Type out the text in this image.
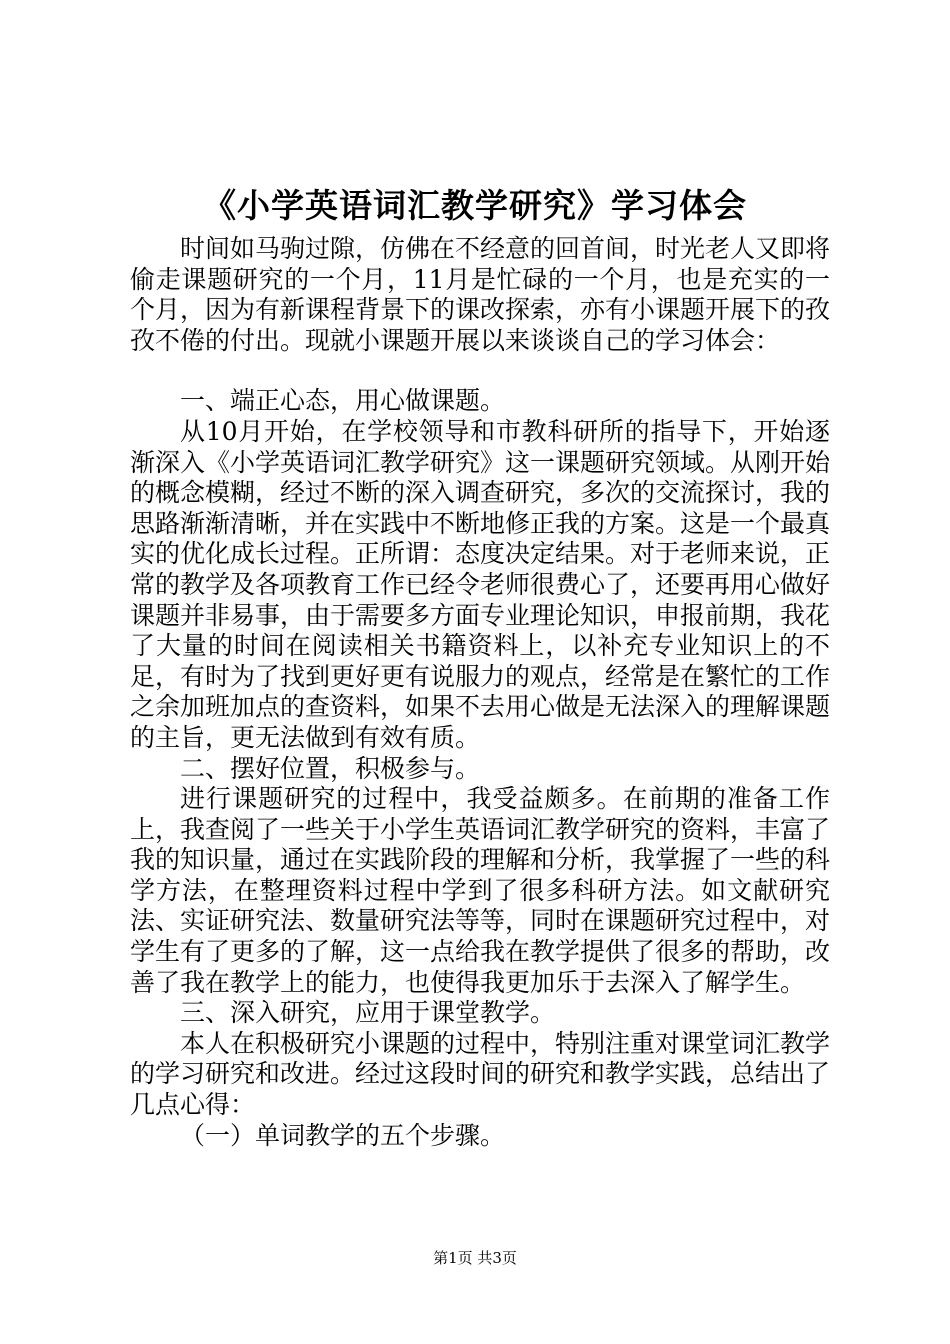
《小学英语词汇教学研究》学习体会

时间如马驹过隙，仿佛在不经意的回首间，时光老人又即将偷走课题研究的一个月，11月是忙碌的一个月，也是充实的一个月，因为有新课程背景下的课改探索，亦有小课题开展下的孜孜不倦的付出。现就小课题开展以来谈谈自己的学习体会：

一、端正心态，用心做课题。

从10月开始，在学校领导和市教科研所的指导下，开始逐渐深入《小学英语词汇教学研究》这一课题研究领域。从刚开始的概念模糊，经过不断的深入调查研究，多次的交流探讨，我的思路渐渐清晰，并在实践中不断地修正我的方案。这是一个最真实的优化成长过程。正所谓：态度决定结果。对于老师来说，正常的教学及各项教育工作已经令老师很费心了，还要再用心做好课题并非易事，由于需要多方面专业理论知识，申报前期，我花了大量的时间在阅读相关书籍资料上，以补充专业知识上的不足，有时为了找到更好更有说服力的观点，经常是在繁忙的工作之余加班加点的查资料，如果不去用心做是无法深入的理解课题的主旨，更无法做到有效有质。

二、摆好位置，积极参与。

进行课题研究的过程中，我受益颇多。在前期的准备工作上，我查阅了一些关于小学生英语词汇教学研究的资料，丰富了我的知识量，通过在实践阶段的理解和分析，我掌握了一些的科学方法，在整理资料过程中学到了很多科研方法。如文献研究法、实证研究法、数量研究法等等，同时在课题研究过程中，对学生有了更多的了解，这一点给我在教学提供了很多的帮助，改善了我在教学上的能力，也使得我更加乐于去深入了解学生。

三、深入研究，应用于课堂教学。

本人在积极研究小课题的过程中，特别注重对课堂词汇教学的学习研究和改进。经过这段时间的研究和教学实践，总结出了几点心得：

（一）单词教学的五个步骤。

第1页 共3页
